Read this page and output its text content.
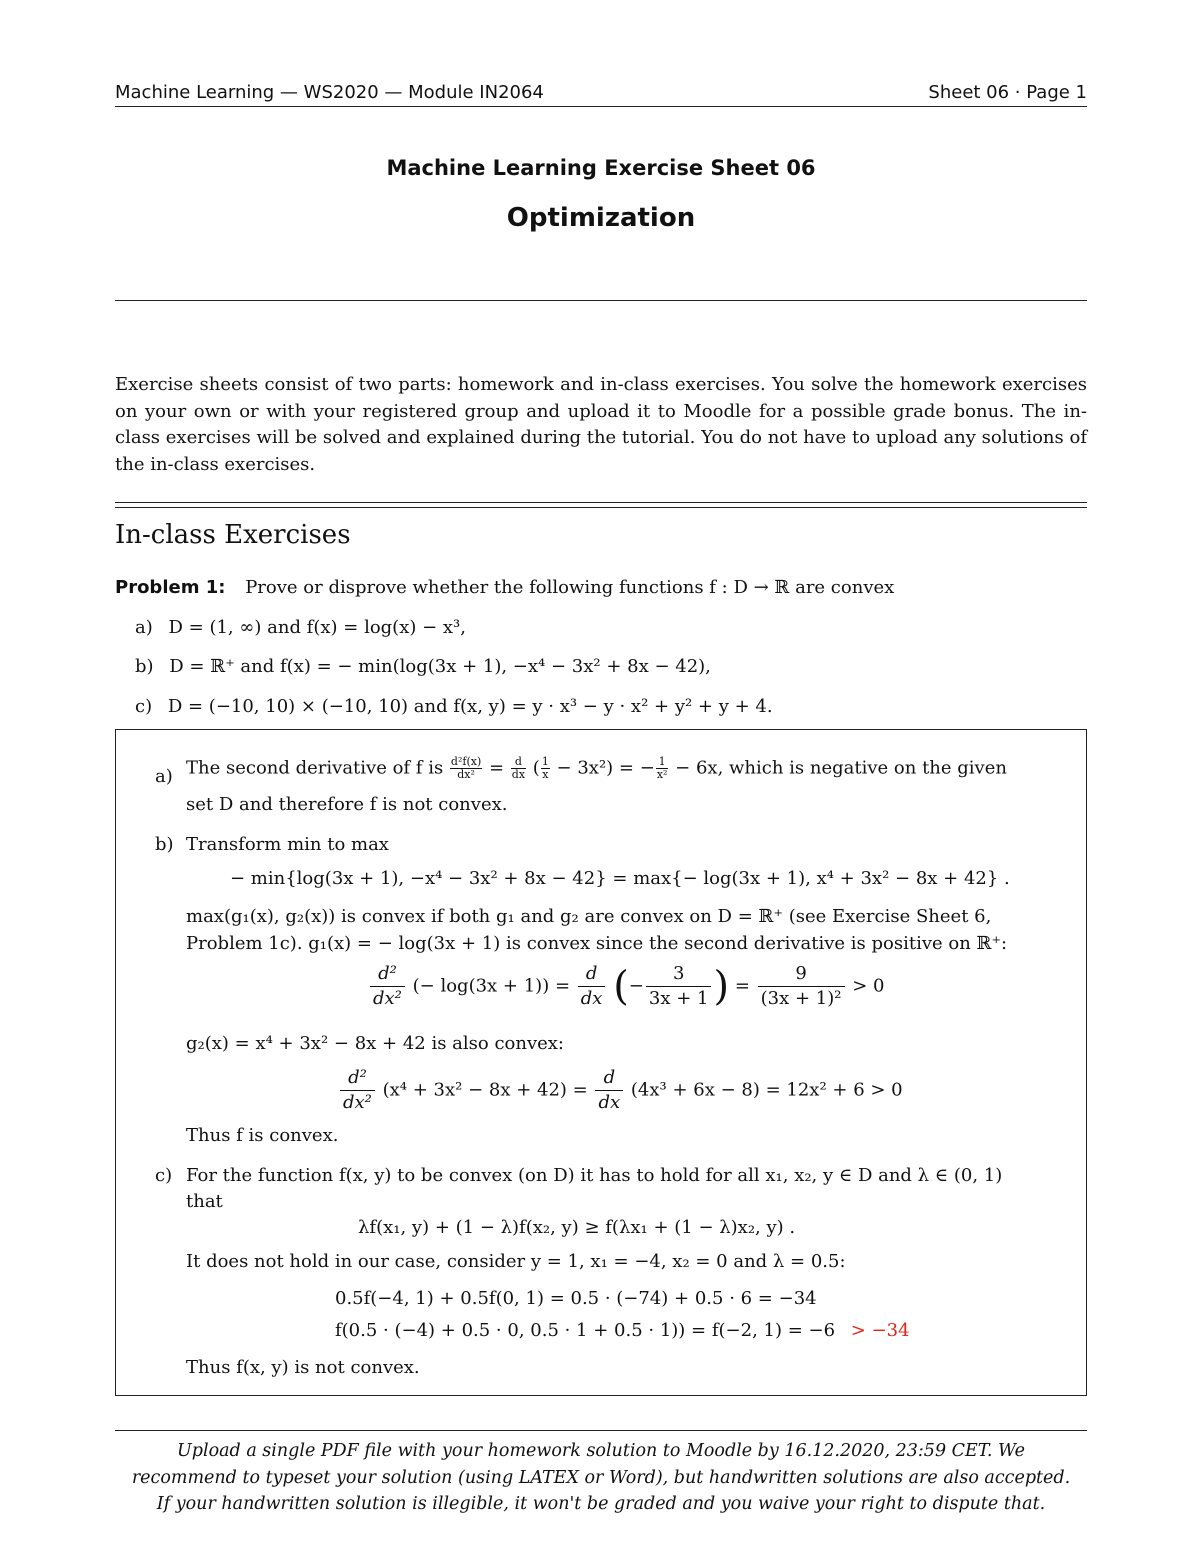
Machine Learning — WS2020 — Module IN2064	Sheet 06 · Page 1
Machine Learning Exercise Sheet 06
Optimization
Exercise sheets consist of two parts: homework and in-class exercises. You solve the homework exercises on your own or with your registered group and upload it to Moodle for a possible grade bonus. The in-class exercises will be solved and explained during the tutorial. You do not have to upload any solutions of the in-class exercises.
In-class Exercises
Problem 1: Prove or disprove whether the following functions f : D → ℝ are convex
a) D = (1, ∞) and f(x) = log(x) − x³,
b) D = ℝ⁺ and f(x) = − min(log(3x + 1), −x⁴ − 3x² + 8x − 42),
c) D = (−10, 10) × (−10, 10) and f(x, y) = y · x³ − y · x² + y² + y + 4.
a) The second derivative of f is $\frac{\text{d²f(x)}}{\text{dx²}} = \frac{d}{dx}$ ( $\frac{1}{x} - 3x^2$) = − $\frac{1}{\text{x²}} - 6x$, which is negative on the given
set D and therefore f is not convex.
b) Transform min to max
− min{log(3x + 1), −x⁴ − 3x² + 8x − 42} = max{− log(3x + 1), x⁴ + 3x² − 8x + 42} .
max(g₁(x), g₂(x)) is convex if both g₁ and g₂ are convex on D = ℝ⁺ (see Exercise Sheet 6,
Problem 1c). g₁(x) = − log(3x + 1) is convex since the second derivative is positive on ℝ⁺:
$\frac{\text{d²}}{\text{dx²}}$ (− $\log(3x + 1)) = \frac{d}{dx}$ (− $\frac{3}{3x + 1}$ ) = $\frac{9}{\text{(3x + 1)²}} > 0$
g₂(x) = x⁴ + 3x² − 8x + 42 is also convex:
$\frac{\text{d²}}{\text{dx²}} (x^4 + 3x^2 - 8x + 42) = \frac{d}{dx} (4x^3 + 6x - 8) = 12x^2 + 6 > 0$
Thus f is convex.
c) For the function f(x, y) to be convex (on D) it has to hold for all x₁, x₂, y ∈ D and λ ∈ (0, 1)
that
λf(x₁, y) + (1 − λ)f(x₂, y) ≥ f(λx₁ + (1 − λ)x₂, y) .
It does not hold in our case, consider y = 1, x₁ = −4, x₂ = 0 and λ = 0.5:
0.5f(−4, 1) + 0.5f(0, 1) = 0.5 · (−74) + 0.5 · 6 = −34
f(0.5 · (−4) + 0.5 · 0, 0.5 · 1 + 0.5 · 1)) = f(−2, 1) = −6 > −34
Thus f(x, y) is not convex.
Upload a single PDF file with your homework solution to Moodle by 16.12.2020, 23:59 CET. We
recommend to typeset your solution (using LATEX or Word), but handwritten solutions are also accepted.
If your handwritten solution is illegible, it won't be graded and you waive your right to dispute that.
